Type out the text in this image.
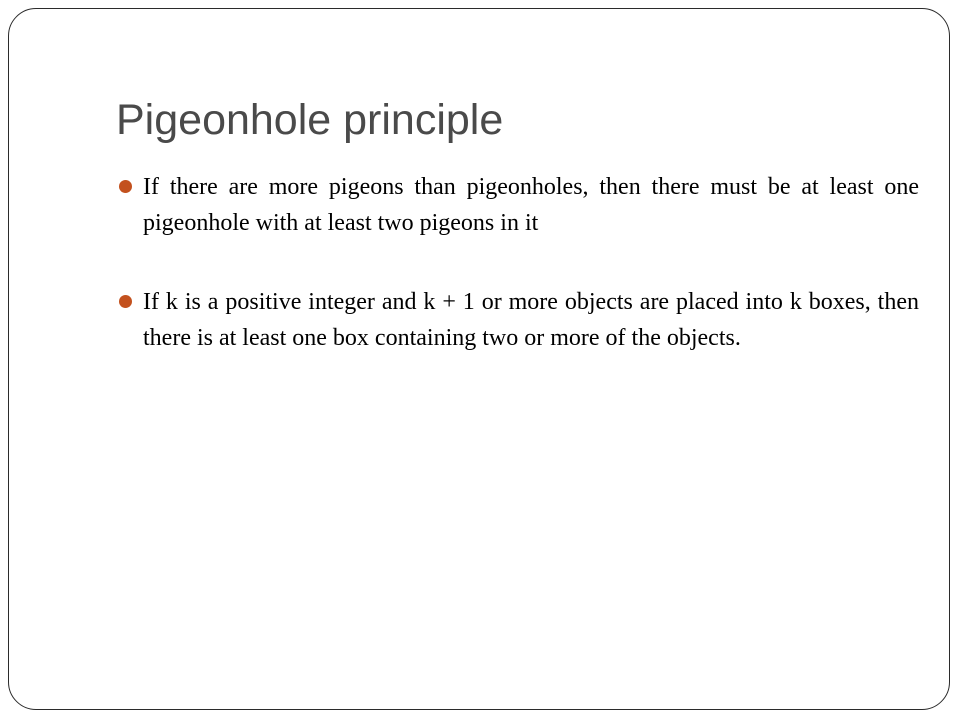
Pigeonhole principle
If there are more pigeons than pigeonholes, then there must be at least one pigeonhole with at least two pigeons in it
If k is a positive integer and k + 1 or more objects are placed into k boxes, then there is at least one box containing two or more of the objects.
